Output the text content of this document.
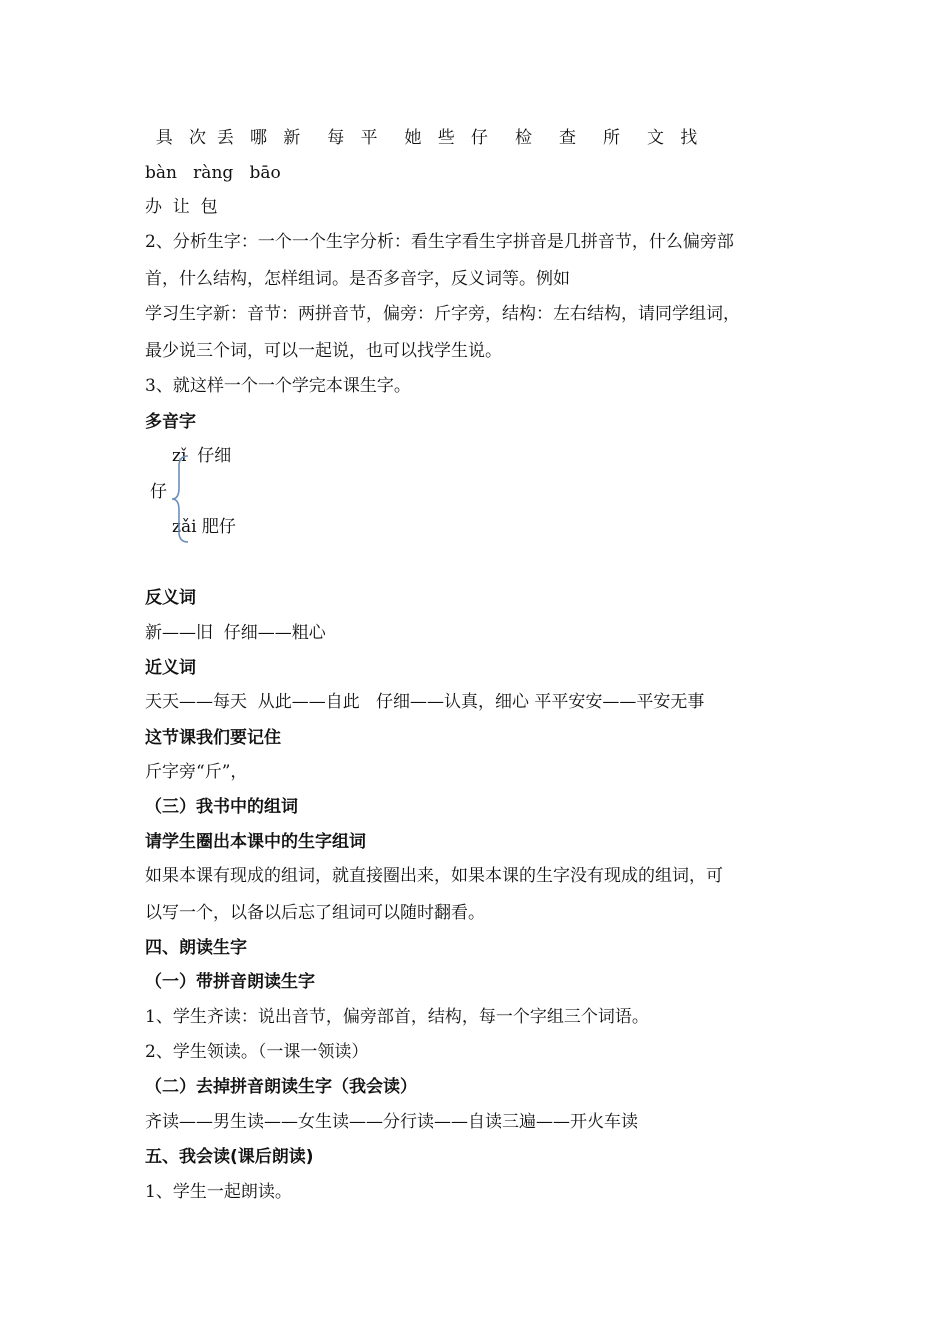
具   次  丢   哪   新     每   平     她   些   仔     检     查     所     文   找
bàn   ràng   bāo
办  让  包
2、分析生字：一个一个生字分析：看生字看生字拼音是几拼音节，什么偏旁部
首，什么结构，怎样组词。是否多音字，反义词等。例如
学习生字新：音节：两拼音节，偏旁：斤字旁，结构：左右结构，请同学组词，
最少说三个词，可以一起说，也可以找学生说。
3、就这样一个一个学完本课生字。
多音字
zǐ  仔细
仔
zǎi 肥仔
反义词
新——旧  仔细——粗心
近义词
天天——每天  从此——自此   仔细——认真，细心 平平安安——平安无事
这节课我们要记住
斤字旁“斤”，
（三）我书中的组词
请学生圈出本课中的生字组词
如果本课有现成的组词，就直接圈出来，如果本课的生字没有现成的组词，可
以写一个，以备以后忘了组词可以随时翻看。
四、朗读生字
（一）带拼音朗读生字
1、学生齐读：说出音节，偏旁部首，结构，每一个字组三个词语。
2、学生领读。（一课一领读）
（二）去掉拼音朗读生字（我会读）
齐读——男生读——女生读——分行读——自读三遍——开火车读
五、我会读(课后朗读)
1、学生一起朗读。
